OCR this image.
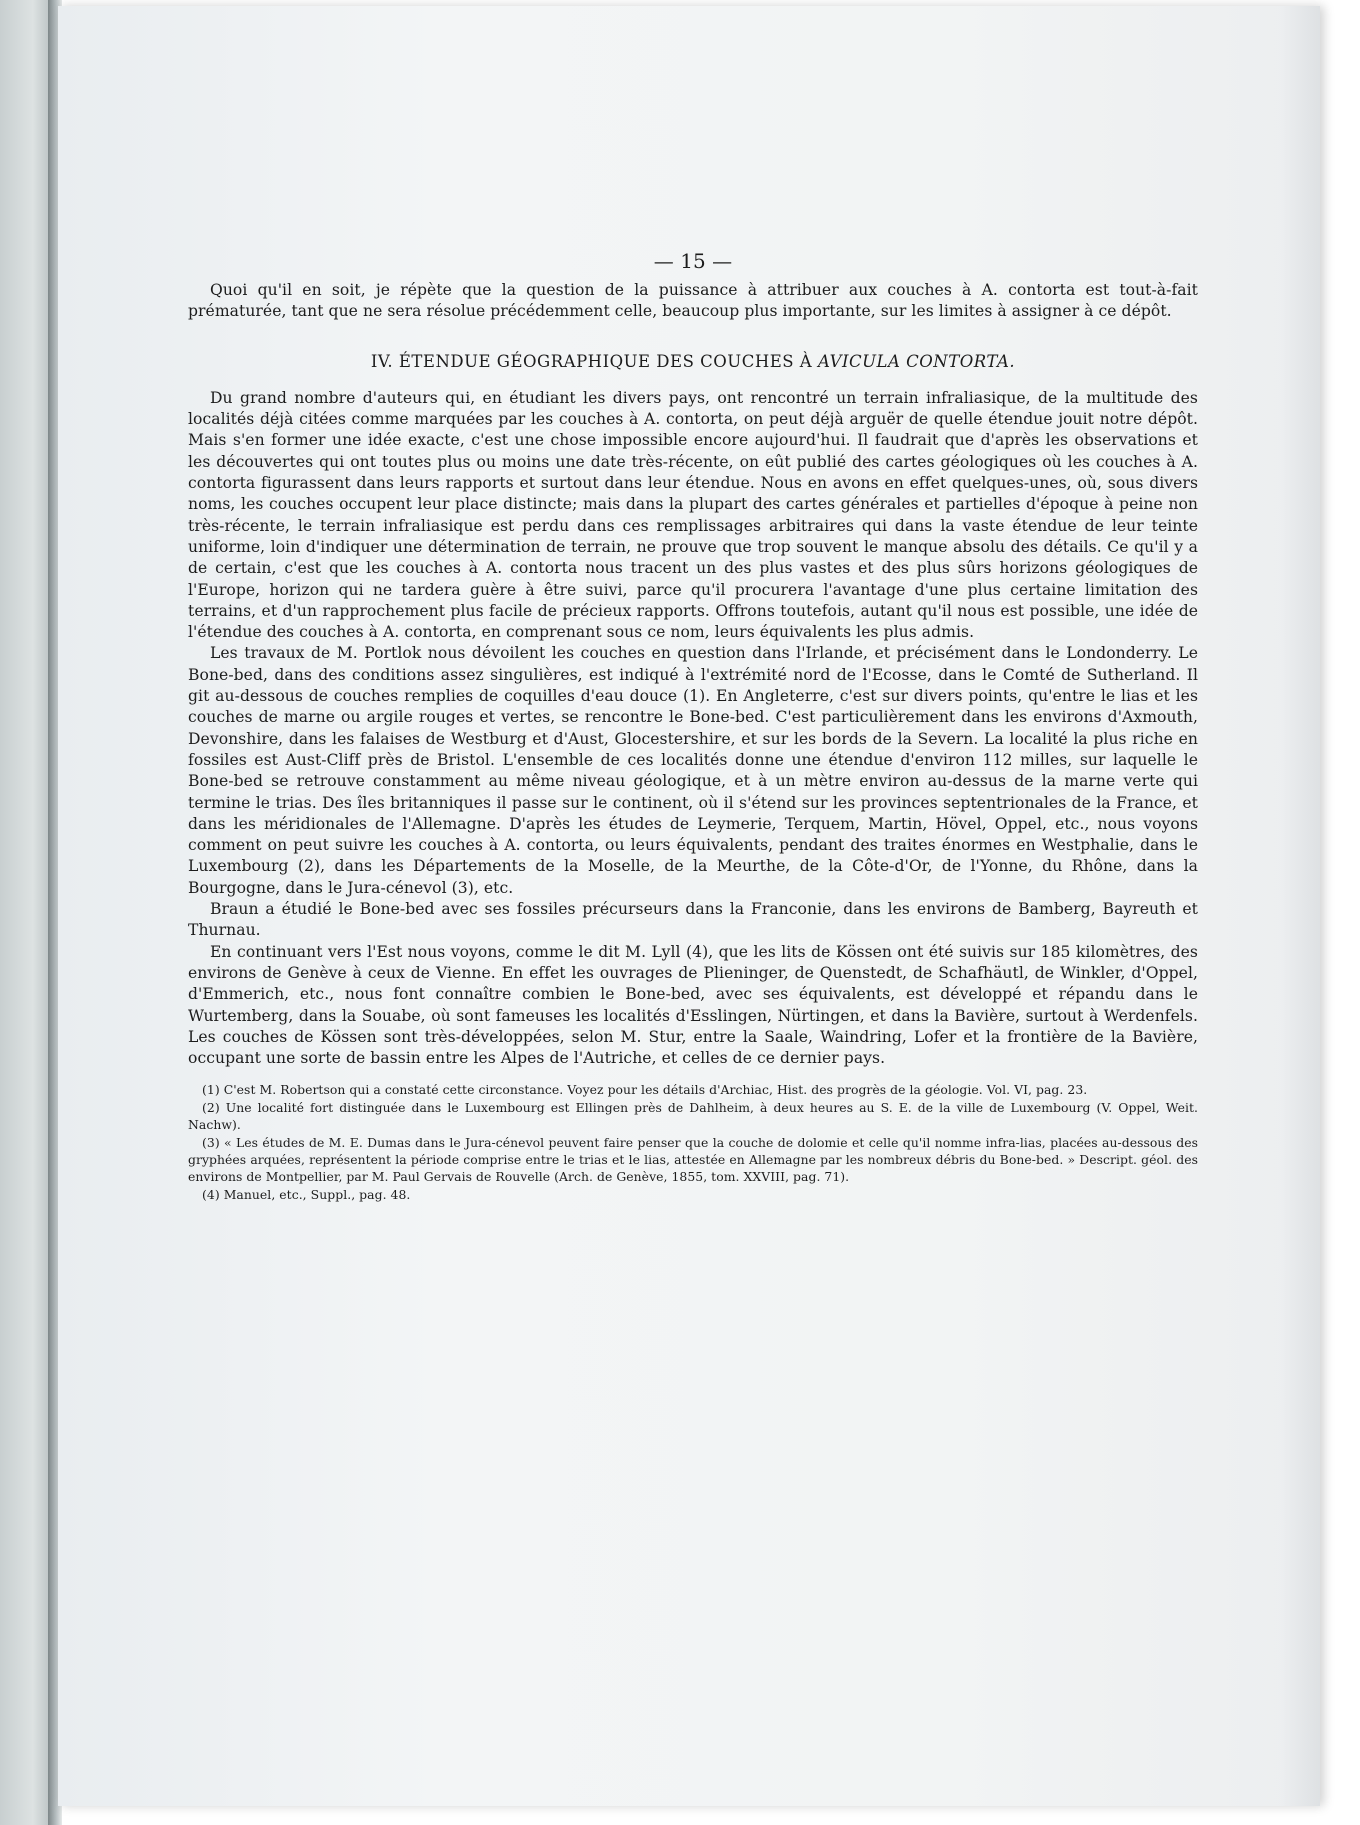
— 15 —

Quoi qu'il en soit, je répète que la question de la puissance à attribuer aux couches à A. contorta est tout-à-fait prématurée, tant que ne sera résolue précédemment celle, beaucoup plus importante, sur les limites à assigner à ce dépôt.

IV. ÉTENDUE GÉOGRAPHIQUE DES COUCHES À AVICULA CONTORTA.

Du grand nombre d'auteurs qui, en étudiant les divers pays, ont rencontré un terrain infraliasique, de la multitude des localités déjà citées comme marquées par les couches à A. contorta, on peut déjà arguër de quelle étendue jouit notre dépôt. Mais s'en former une idée exacte, c'est une chose impossible encore aujourd'hui. Il faudrait que d'après les observations et les découvertes qui ont toutes plus ou moins une date très-récente, on eût publié des cartes géologiques où les couches à A. contorta figurassent dans leurs rapports et surtout dans leur étendue. Nous en avons en effet quelques-unes, où, sous divers noms, les couches occupent leur place distincte; mais dans la plupart des cartes générales et partielles d'époque à peine non très-récente, le terrain infraliasique est perdu dans ces remplissages arbitraires qui dans la vaste étendue de leur teinte uniforme, loin d'indiquer une détermination de terrain, ne prouve que trop souvent le manque absolu des détails. Ce qu'il y a de certain, c'est que les couches à A. contorta nous tracent un des plus vastes et des plus sûrs horizons géologiques de l'Europe, horizon qui ne tardera guère à être suivi, parce qu'il procurera l'avantage d'une plus certaine limitation des terrains, et d'un rapprochement plus facile de précieux rapports. Offrons toutefois, autant qu'il nous est possible, une idée de l'étendue des couches à A. contorta, en comprenant sous ce nom, leurs équivalents les plus admis.

Les travaux de M. Portlok nous dévoilent les couches en question dans l'Irlande, et précisément dans le Londonderry. Le Bone-bed, dans des conditions assez singulières, est indiqué à l'extrémité nord de l'Ecosse, dans le Comté de Sutherland. Il git au-dessous de couches remplies de coquilles d'eau douce (1). En Angleterre, c'est sur divers points, qu'entre le lias et les couches de marne ou argile rouges et vertes, se rencontre le Bone-bed. C'est particulièrement dans les environs d'Axmouth, Devonshire, dans les falaises de Westburg et d'Aust, Glocestershire, et sur les bords de la Severn. La localité la plus riche en fossiles est Aust-Cliff près de Bristol. L'ensemble de ces localités donne une étendue d'environ 112 milles, sur laquelle le Bone-bed se retrouve constamment au même niveau géologique, et à un mètre environ au-dessus de la marne verte qui termine le trias. Des îles britanniques il passe sur le continent, où il s'étend sur les provinces septentrionales de la France, et dans les méridionales de l'Allemagne. D'après les études de Leymerie, Terquem, Martin, Hövel, Oppel, etc., nous voyons comment on peut suivre les couches à A. contorta, ou leurs équivalents, pendant des traites énormes en Westphalie, dans le Luxembourg (2), dans les Départements de la Moselle, de la Meurthe, de la Côte-d'Or, de l'Yonne, du Rhône, dans la Bourgogne, dans le Jura-cénevol (3), etc.

Braun a étudié le Bone-bed avec ses fossiles précurseurs dans la Franconie, dans les environs de Bamberg, Bayreuth et Thurnau.

En continuant vers l'Est nous voyons, comme le dit M. Lyll (4), que les lits de Kössen ont été suivis sur 185 kilomètres, des environs de Genève à ceux de Vienne. En effet les ouvrages de Plieninger, de Quenstedt, de Schafhäutl, de Winkler, d'Oppel, d'Emmerich, etc., nous font connaître combien le Bone-bed, avec ses équivalents, est développé et répandu dans le Wurtemberg, dans la Souabe, où sont fameuses les localités d'Esslingen, Nürtingen, et dans la Bavière, surtout à Werdenfels. Les couches de Kössen sont très-développées, selon M. Stur, entre la Saale, Waindring, Lofer et la frontière de la Bavière, occupant une sorte de bassin entre les Alpes de l'Autriche, et celles de ce dernier pays.

(1) C'est M. Robertson qui a constaté cette circonstance. Voyez pour les détails d'Archiac, Hist. des progrès de la géologie. Vol. VI, pag. 23.

(2) Une localité fort distinguée dans le Luxembourg est Ellingen près de Dahlheim, à deux heures au S. E. de la ville de Luxembourg (V. Oppel, Weit. Nachw).

(3) « Les études de M. E. Dumas dans le Jura-cénevol peuvent faire penser que la couche de dolomie et celle qu'il nomme infra-lias, placées au-dessous des gryphées arquées, représentent la période comprise entre le trias et le lias, attestée en Allemagne par les nombreux débris du Bone-bed. » Descript. géol. des environs de Montpellier, par M. Paul Gervais de Rouvelle (Arch. de Genève, 1855, tom. XXVIII, pag. 71).

(4) Manuel, etc., Suppl., pag. 48.
